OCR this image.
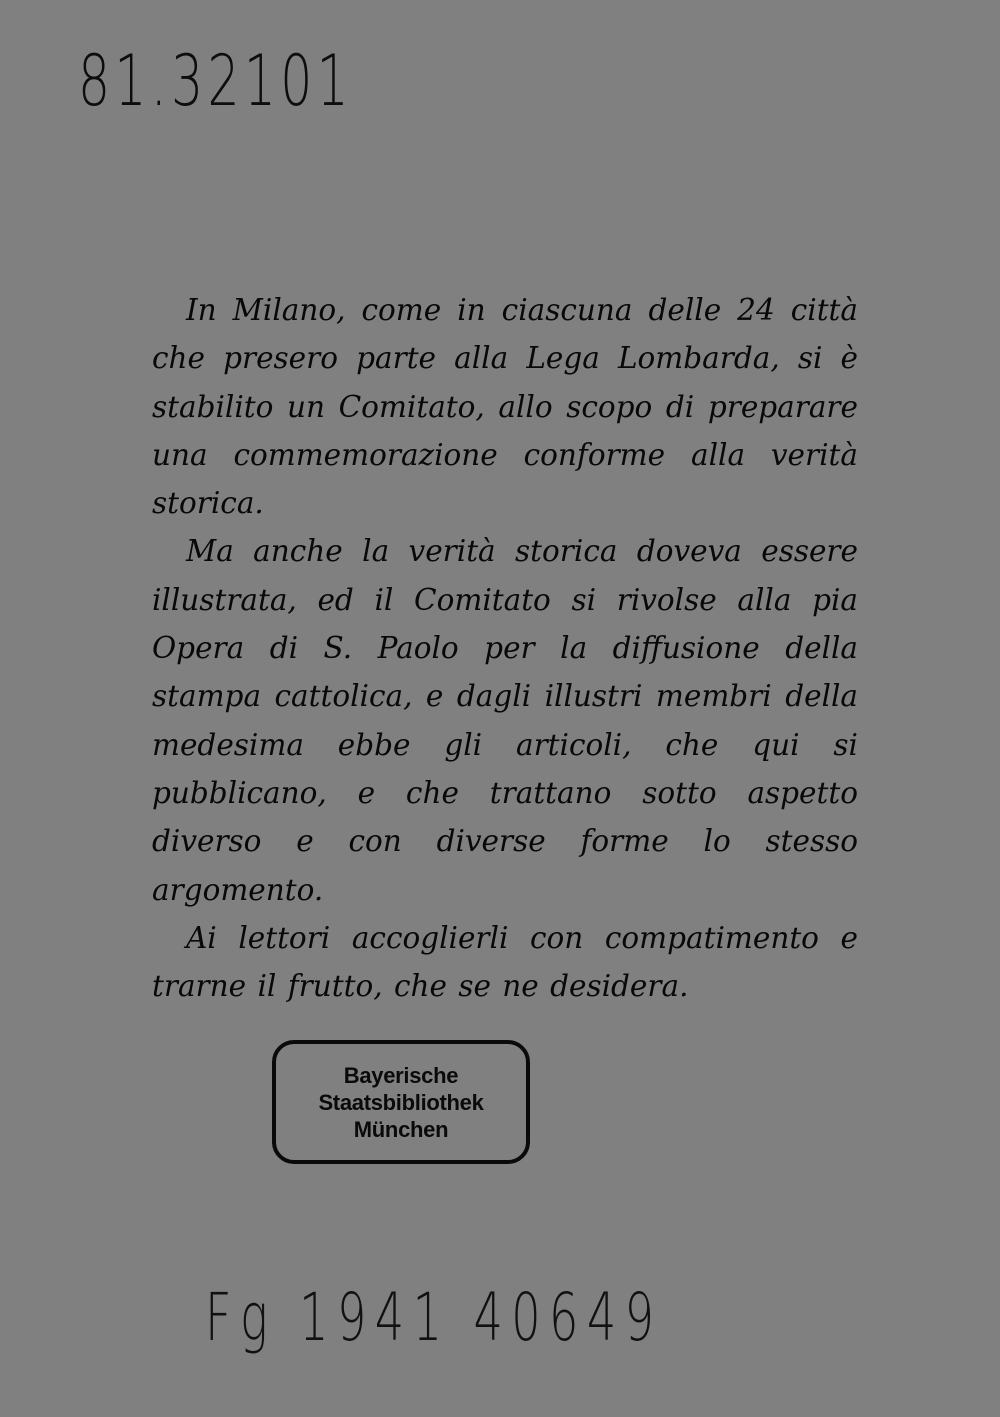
81.32101

In Milano, come in ciascuna delle 24 città che presero parte alla Lega Lombarda, si è stabilito un Comitato, allo scopo di preparare una commemorazione conforme alla verità storica.

Ma anche la verità storica doveva essere illustrata, ed il Comitato si rivolse alla pia Opera di S. Paolo per la diffusione della stampa cattolica, e dagli illustri membri della medesima ebbe gli articoli, che qui si pubblicano, e che trattano sotto aspetto diverso e con diverse forme lo stesso argomento.

Ai lettori accoglierli con compatimento e trarne il frutto, che se ne desidera.

Bayerische
Staatsbibliothek
München
Fg 1941 40649
